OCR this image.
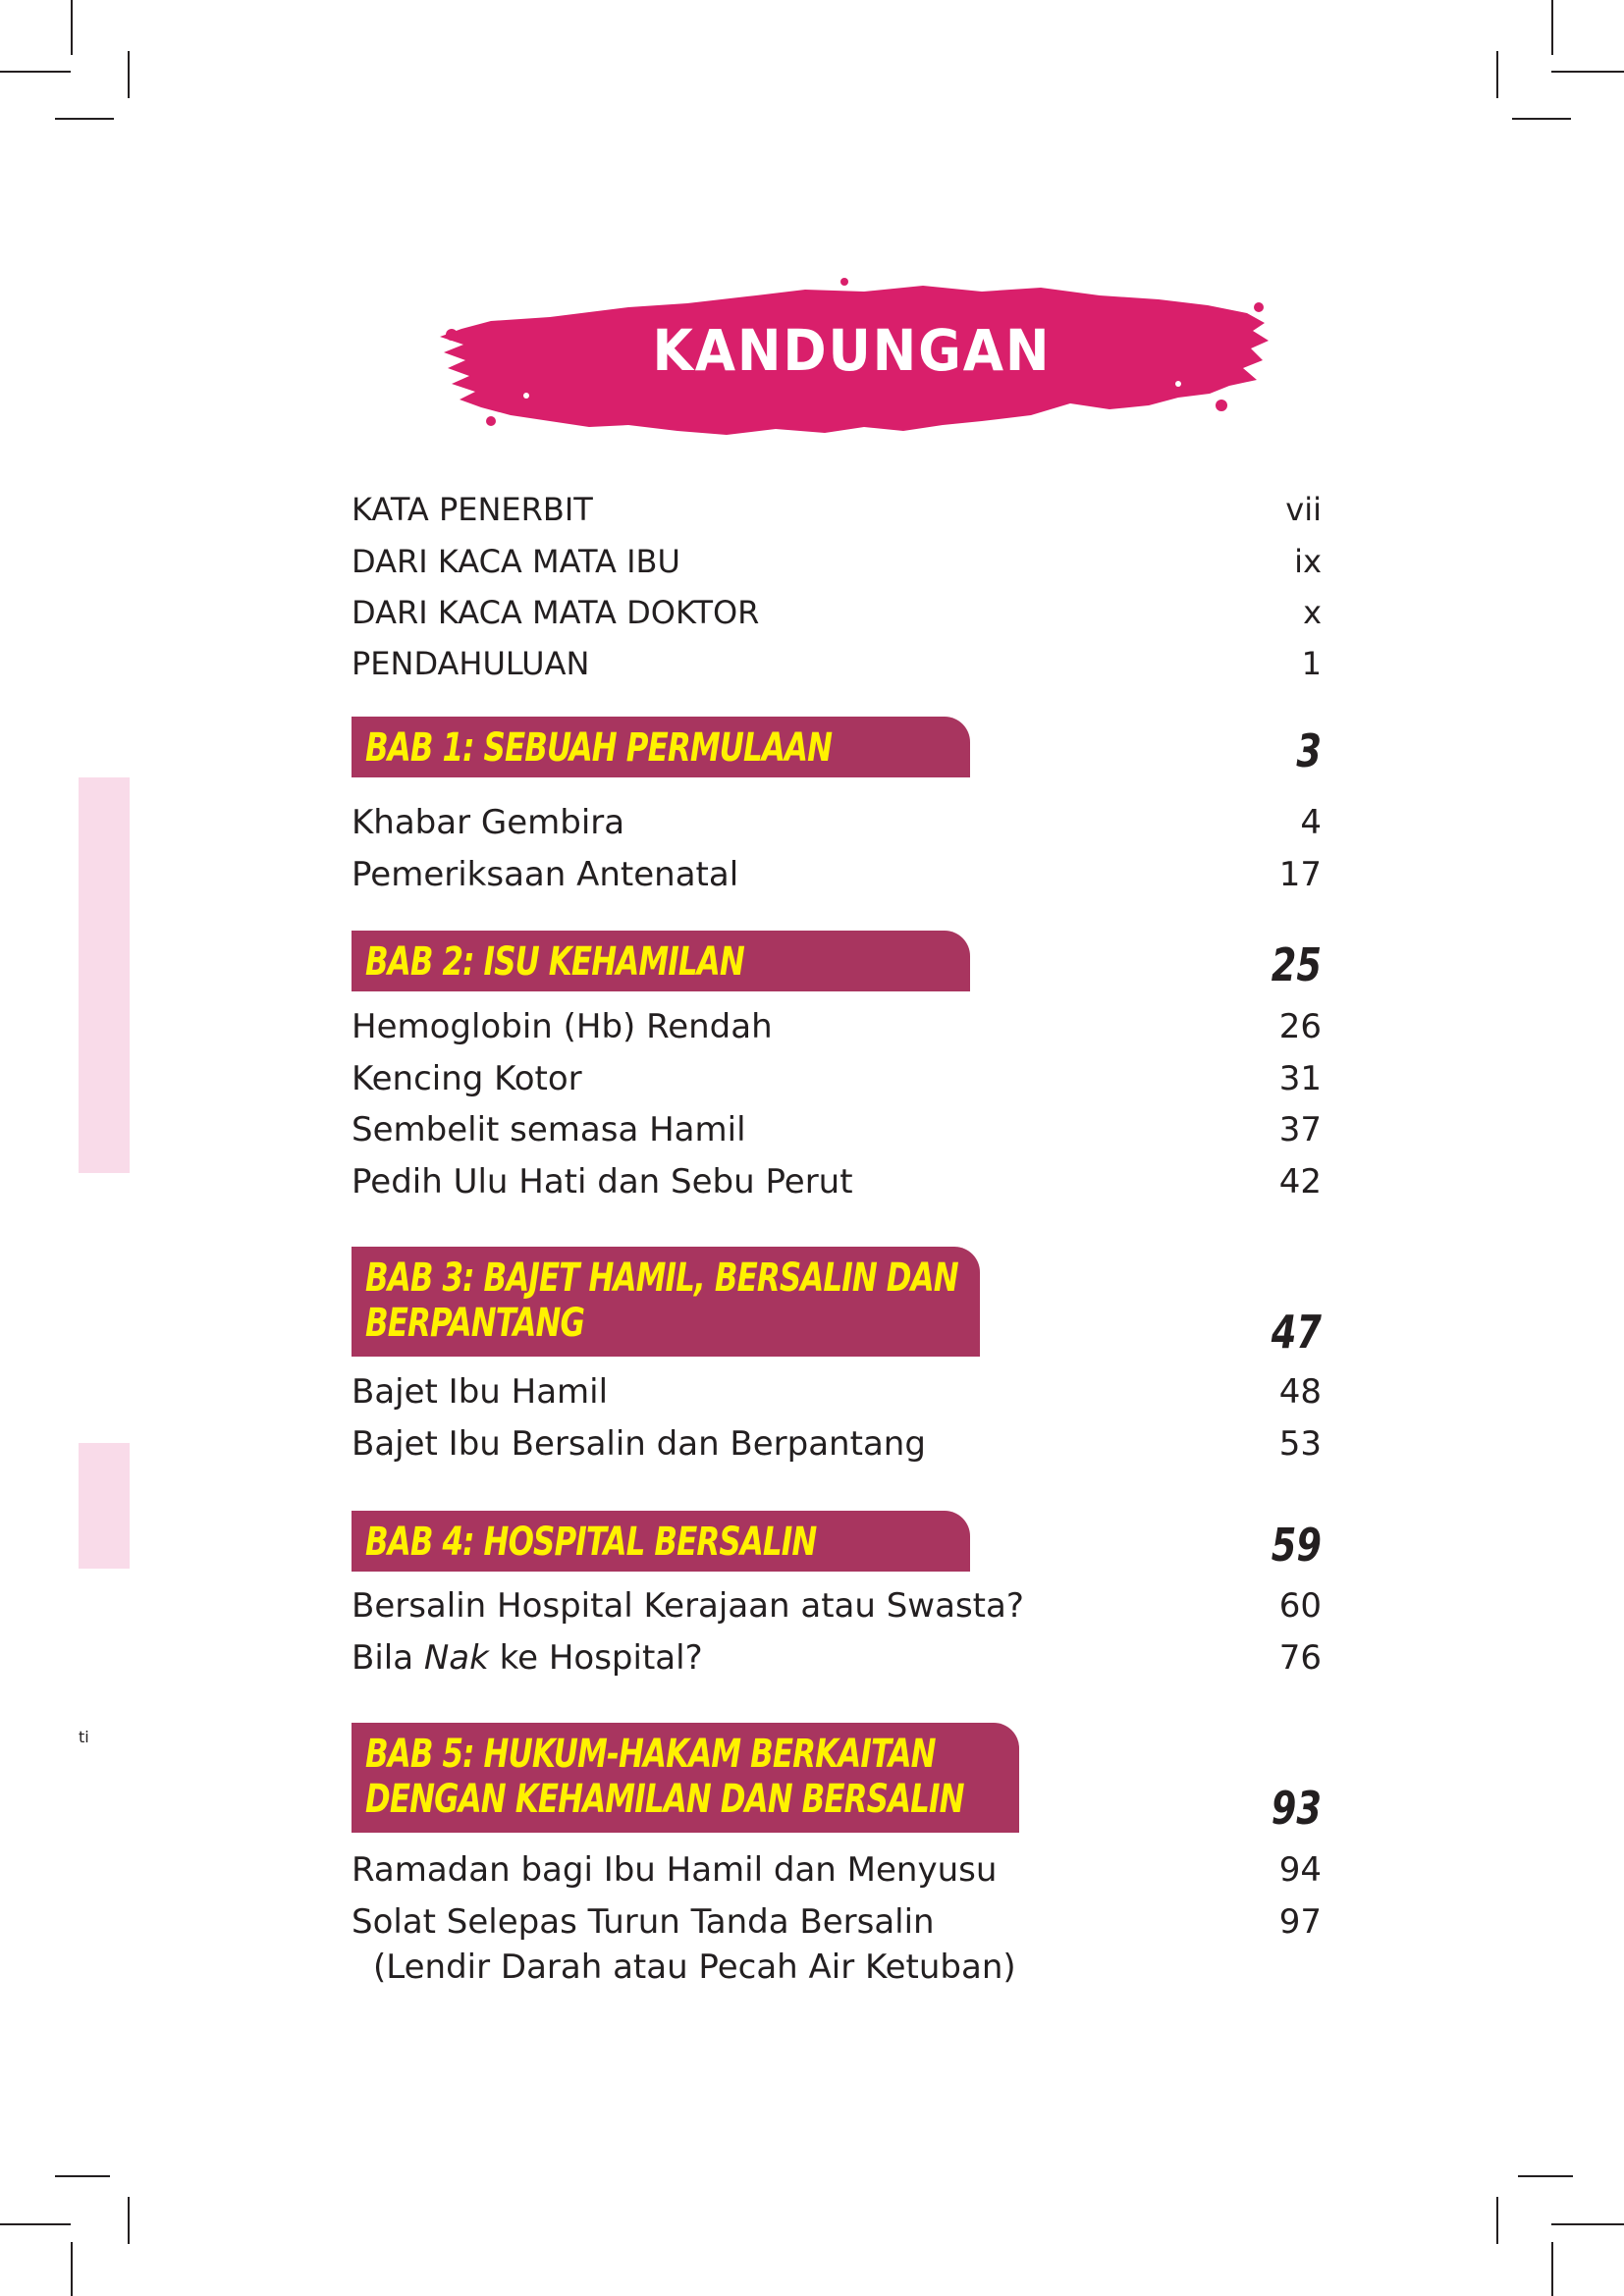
ti
KANDUNGAN
KATA PENERBIT	vii
DARI KACA MATA IBU	ix
DARI KACA MATA DOKTOR	x
PENDAHULUAN	1
BAB 1: SEBUAH PERMULAAN	3
Khabar Gembira	4
Pemeriksaan Antenatal	17
BAB 2: ISU KEHAMILAN	25
Hemoglobin (Hb) Rendah	26
Kencing Kotor	31
Sembelit semasa Hamil	37
Pedih Ulu Hati dan Sebu Perut	42
BAB 3: BAJET HAMIL, BERSALIN DAN
BERPANTANG	47
Bajet Ibu Hamil	48
Bajet Ibu Bersalin dan Berpantang	53
BAB 4: HOSPITAL BERSALIN	59
Bersalin Hospital Kerajaan atau Swasta?	60
Bila Nak ke Hospital?	76
BAB 5: HUKUM-HAKAM BERKAITAN
DENGAN KEHAMILAN DAN BERSALIN	93
Ramadan bagi Ibu Hamil dan Menyusu	94
Solat Selepas Turun Tanda Bersalin	97
(Lendir Darah atau Pecah Air Ketuban)
